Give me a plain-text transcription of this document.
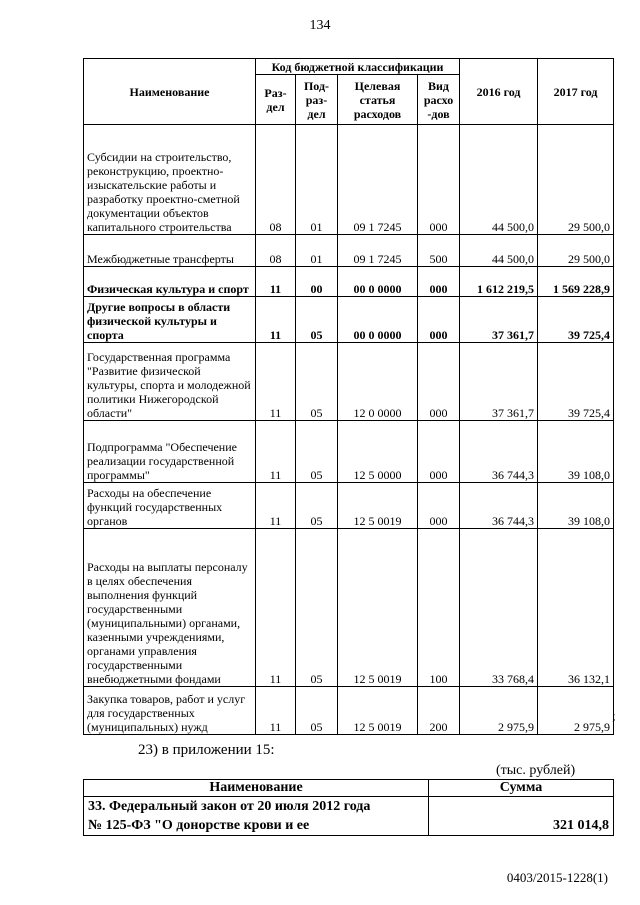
134
Наименование	Код бюджетной классификации				2016 год	2017 год
	Раз-дел	Под-раз-дел	Целевая статья расходов	Вид расхо -дов		
Субсидии на строительство, реконструкцию, проектно-изыскательские работы и разработку проектно-сметной документации объектов капитального строительства	08	01	09 1 7245	000	44 500,0	29 500,0
Межбюджетные трансферты	08	01	09 1 7245	500	44 500,0	29 500,0
Физическая культура и спорт	11	00	00 0 0000	000	1 612 219,5	1 569 228,9
Другие вопросы в области физической культуры и спорта	11	05	00 0 0000	000	37 361,7	39 725,4
Государственная программа "Развитие физической культуры, спорта и молодежной политики Нижегородской области"	11	05	12 0 0000	000	37 361,7	39 725,4
Подпрограмма "Обеспечение реализации государственной программы"	11	05	12 5 0000	000	36 744,3	39 108,0
Расходы на обеспечение функций государственных органов	11	05	12 5 0019	000	36 744,3	39 108,0
Расходы на выплаты персоналу в целях обеспечения выполнения функций государственными (муниципальными) органами, казенными учреждениями, органами управления государственными внебюджетными фондами	11	05	12 5 0019	100	33 768,4	36 132,1
Закупка товаров, работ и услуг для государственных (муниципальных) нужд	11	05	12 5 0019	200	2 975,9	2 975,9
;
23) в приложении 15:
(тыс. рублей)
Наименование	Сумма

33. Федеральный закон от 20 июля 2012 года
№ 125-ФЗ "О донорстве крови и ее	321 014,8
0403/2015-1228(1)
